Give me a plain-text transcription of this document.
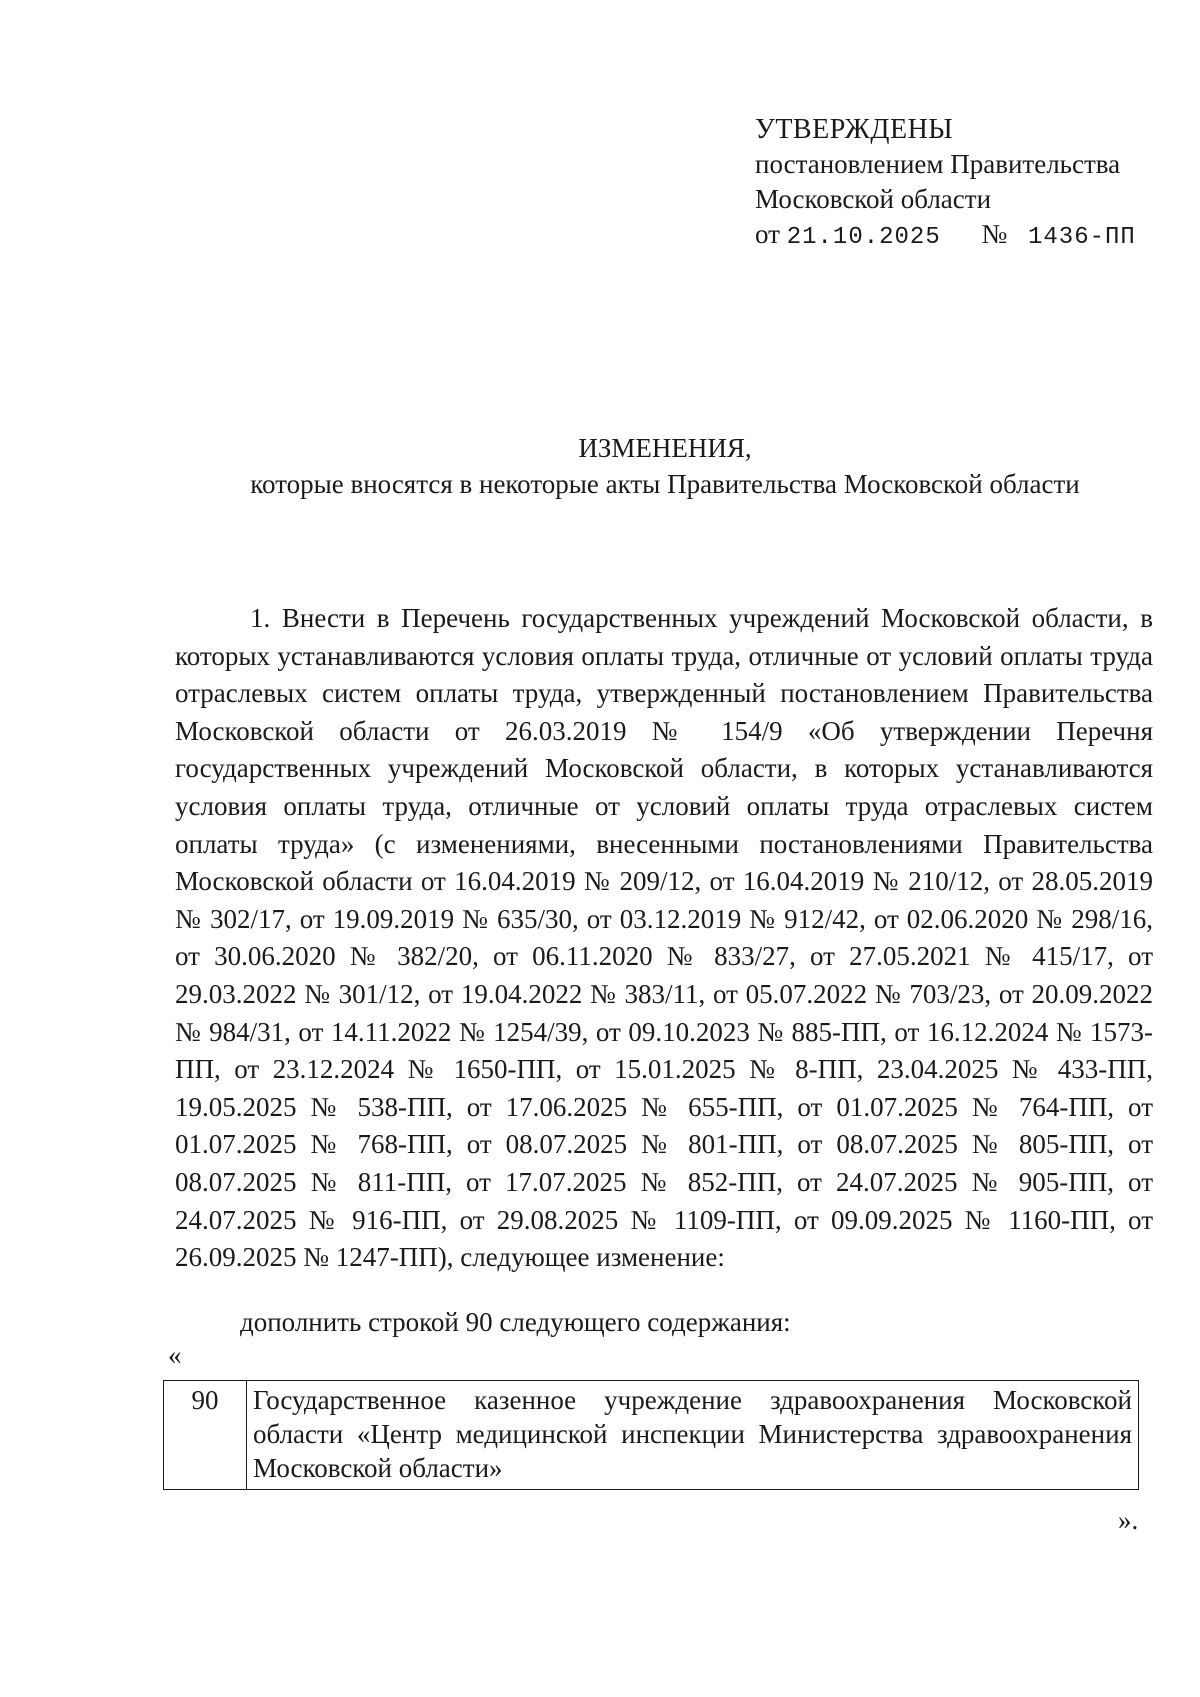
УТВЕРЖДЕНЫ
постановлением Правительства
Московской области
от 21.10.2025 № 1436-ПП
ИЗМЕНЕНИЯ,
которые вносятся в некоторые акты Правительства Московской области

1. Внести в Перечень государственных учреждений Московской области, в которых устанавливаются условия оплаты труда, отличные от условий оплаты труда отраслевых систем оплаты труда, утвержденный постановлением Правительства Московской области от 26.03.2019 № 154/9 «Об утверждении Перечня государственных учреждений Московской области, в которых устанавливаются условия оплаты труда, отличные от условий оплаты труда отраслевых систем оплаты труда» (с изменениями, внесенными постановлениями Правительства Московской области от 16.04.2019 № 209/12, от 16.04.2019 № 210/12, от 28.05.2019 № 302/17, от 19.09.2019 № 635/30, от 03.12.2019 № 912/42, от 02.06.2020 № 298/16, от 30.06.2020 № 382/20, от 06.11.2020 № 833/27, от 27.05.2021 № 415/17, от 29.03.2022 № 301/12, от 19.04.2022 № 383/11, от 05.07.2022 № 703/23, от 20.09.2022 № 984/31, от 14.11.2022 № 1254/39, от 09.10.2023 № 885-ПП, от 16.12.2024 № 1573-ПП, от 23.12.2024 № 1650-ПП, от 15.01.2025 № 8-ПП, 23.04.2025 № 433-ПП, 19.05.2025 № 538-ПП, от 17.06.2025 № 655-ПП, от 01.07.2025 № 764-ПП, от 01.07.2025 № 768-ПП, от 08.07.2025 № 801-ПП, от 08.07.2025 № 805-ПП, от 08.07.2025 № 811-ПП, от 17.07.2025 № 852-ПП, от 24.07.2025 № 905-ПП, от 24.07.2025 № 916-ПП, от 29.08.2025 № 1109-ПП, от 09.09.2025 № 1160-ПП, от 26.09.2025 № 1247-ПП), следующее изменение:

дополнить строкой 90 следующего содержания:
«
90	Государственное казенное учреждение здравоохранения Московской области «Центр медицинской инспекции Министерства здравоохранения Московской области»
».
